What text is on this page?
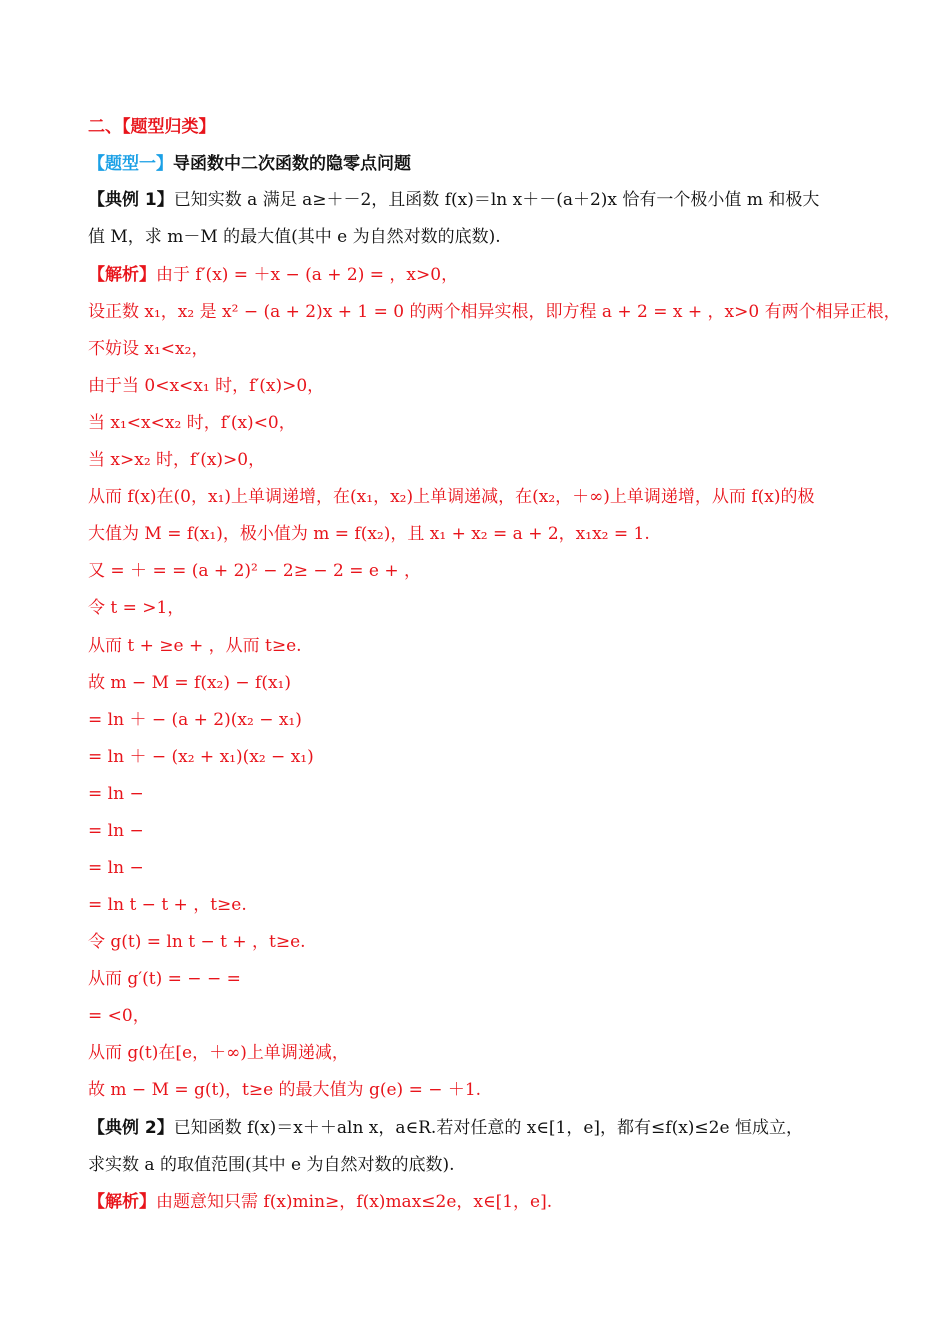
二、【题型归类】
【题型一】导函数中二次函数的隐零点问题
【典例 1】已知实数 a 满足 a≥＋－2，且函数 f(x)＝ln x＋－(a＋2)x 恰有一个极小值 m 和极大
值 M，求 m－M 的最大值(其中 e 为自然对数的底数).
【解析】由于 f′(x) = ＋x − (a + 2) = ，x>0，
设正数 x₁，x₂ 是 x² − (a + 2)x + 1 = 0 的两个相异实根，即方程 a + 2 = x + ，x>0 有两个相异正根，
不妨设 x₁<x₂，
由于当 0<x<x₁ 时，f′(x)>0，
当 x₁<x<x₂ 时，f′(x)<0，
当 x>x₂ 时，f′(x)>0，
从而 f(x)在(0，x₁)上单调递增，在(x₁，x₂)上单调递减，在(x₂，＋∞)上单调递增，从而 f(x)的极
大值为 M = f(x₁)，极小值为 m = f(x₂)，且 x₁ + x₂ = a + 2，x₁x₂ = 1.
又 = ＋ = = (a + 2)² − 2≥ − 2 = e + ，
令 t = >1，
从而 t + ≥e + ，从而 t≥e.
故 m − M = f(x₂) − f(x₁)
= ln ＋ − (a + 2)(x₂ − x₁)
= ln ＋ − (x₂ + x₁)(x₂ − x₁)
= ln −
= ln −
= ln −
= ln t − t + ，t≥e.
令 g(t) = ln t − t + ，t≥e.
从而 g′(t) = − − =
= <0，
从而 g(t)在[e，＋∞)上单调递减，
故 m − M = g(t)，t≥e 的最大值为 g(e) = − ＋1.
【典例 2】已知函数 f(x)＝x＋＋aln x，a∈R.若对任意的 x∈[1，e]，都有≤f(x)≤2e 恒成立，
求实数 a 的取值范围(其中 e 为自然对数的底数).
【解析】由题意知只需 f(x)min≥，f(x)max≤2e，x∈[1，e].
